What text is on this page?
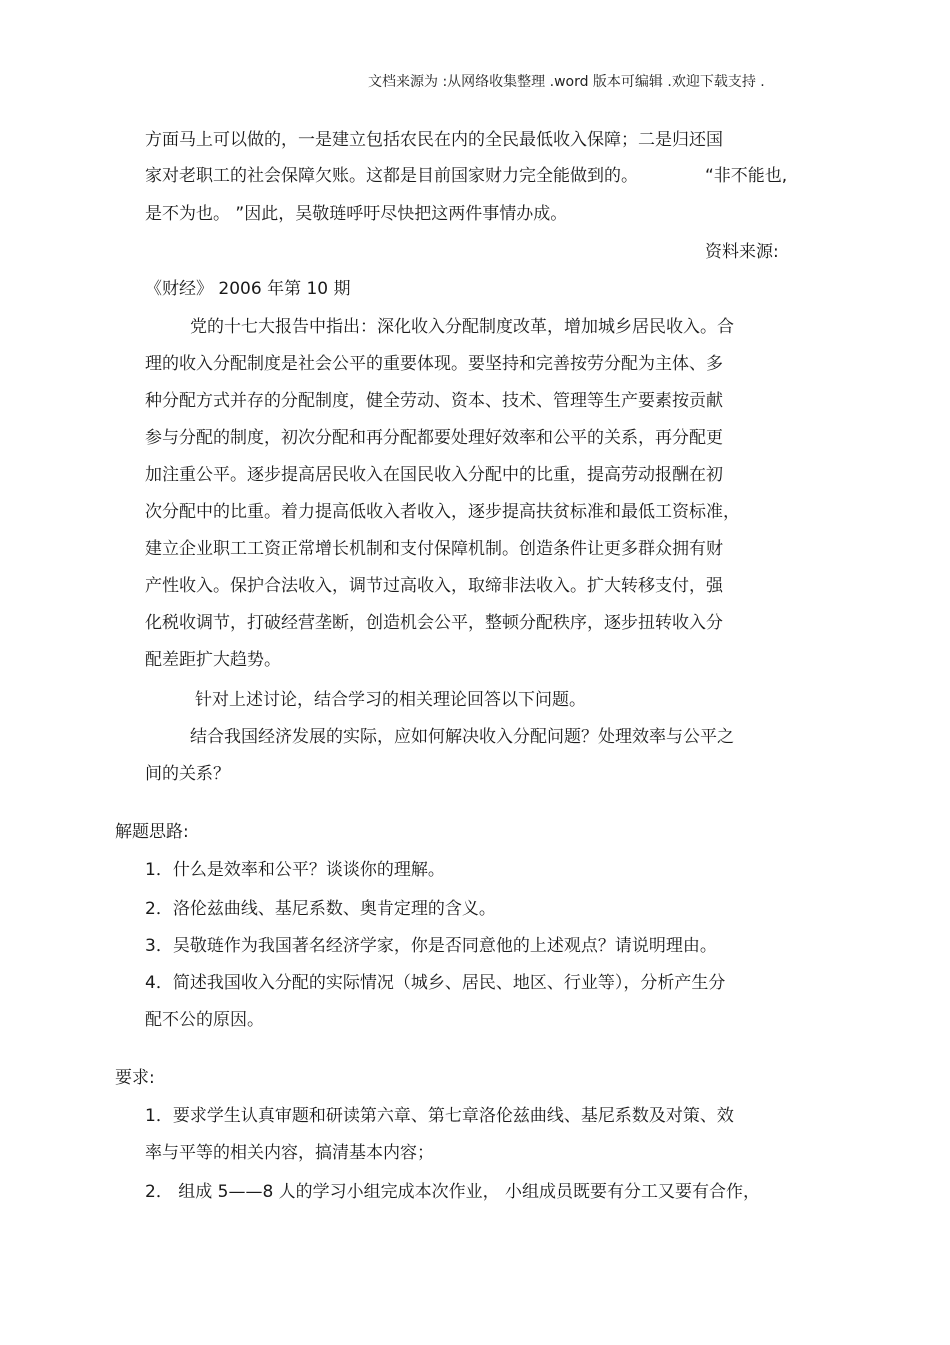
文档来源为 :从网络收集整理 .word 版本可编辑 .欢迎下载支持 .
方面马上可以做的，一是建立包括农民在内的全民最低收入保障；二是归还国
家对老职工的社会保障欠账。这都是目前国家财力完全能做到的。	“非不能也,
是不为也。 ”因此，吴敬琏呼吁尽快把这两件事情办成。
资料来源:
《财经》 2006 年第 10 期
党的十七大报告中指出：深化收入分配制度改革，增加城乡居民收入。合
理的收入分配制度是社会公平的重要体现。要坚持和完善按劳分配为主体、多
种分配方式并存的分配制度，健全劳动、资本、技术、管理等生产要素按贡献
参与分配的制度，初次分配和再分配都要处理好效率和公平的关系，再分配更
加注重公平。逐步提高居民收入在国民收入分配中的比重，提高劳动报酬在初
次分配中的比重。着力提高低收入者收入，逐步提高扶贫标准和最低工资标准，
建立企业职工工资正常增长机制和支付保障机制。创造条件让更多群众拥有财
产性收入。保护合法收入，调节过高收入，取缔非法收入。扩大转移支付，强
化税收调节，打破经营垄断，创造机会公平，整顿分配秩序，逐步扭转收入分
配差距扩大趋势。
针对上述讨论，结合学习的相关理论回答以下问题。
结合我国经济发展的实际，应如何解决收入分配问题？处理效率与公平之
间的关系？
解题思路:
1．什么是效率和公平？谈谈你的理解。
2．洛伦兹曲线、基尼系数、奥肯定理的含义。
3．吴敬琏作为我国著名经济学家，你是否同意他的上述观点？请说明理由。
4．简述我国收入分配的实际情况（城乡、居民、地区、行业等），分析产生分
配不公的原因。
要求:
1．要求学生认真审题和研读第六章、第七章洛伦兹曲线、基尼系数及对策、效
率与平等的相关内容，搞清基本内容；
2． 组成 5——8 人的学习小组完成本次作业， 小组成员既要有分工又要有合作，
